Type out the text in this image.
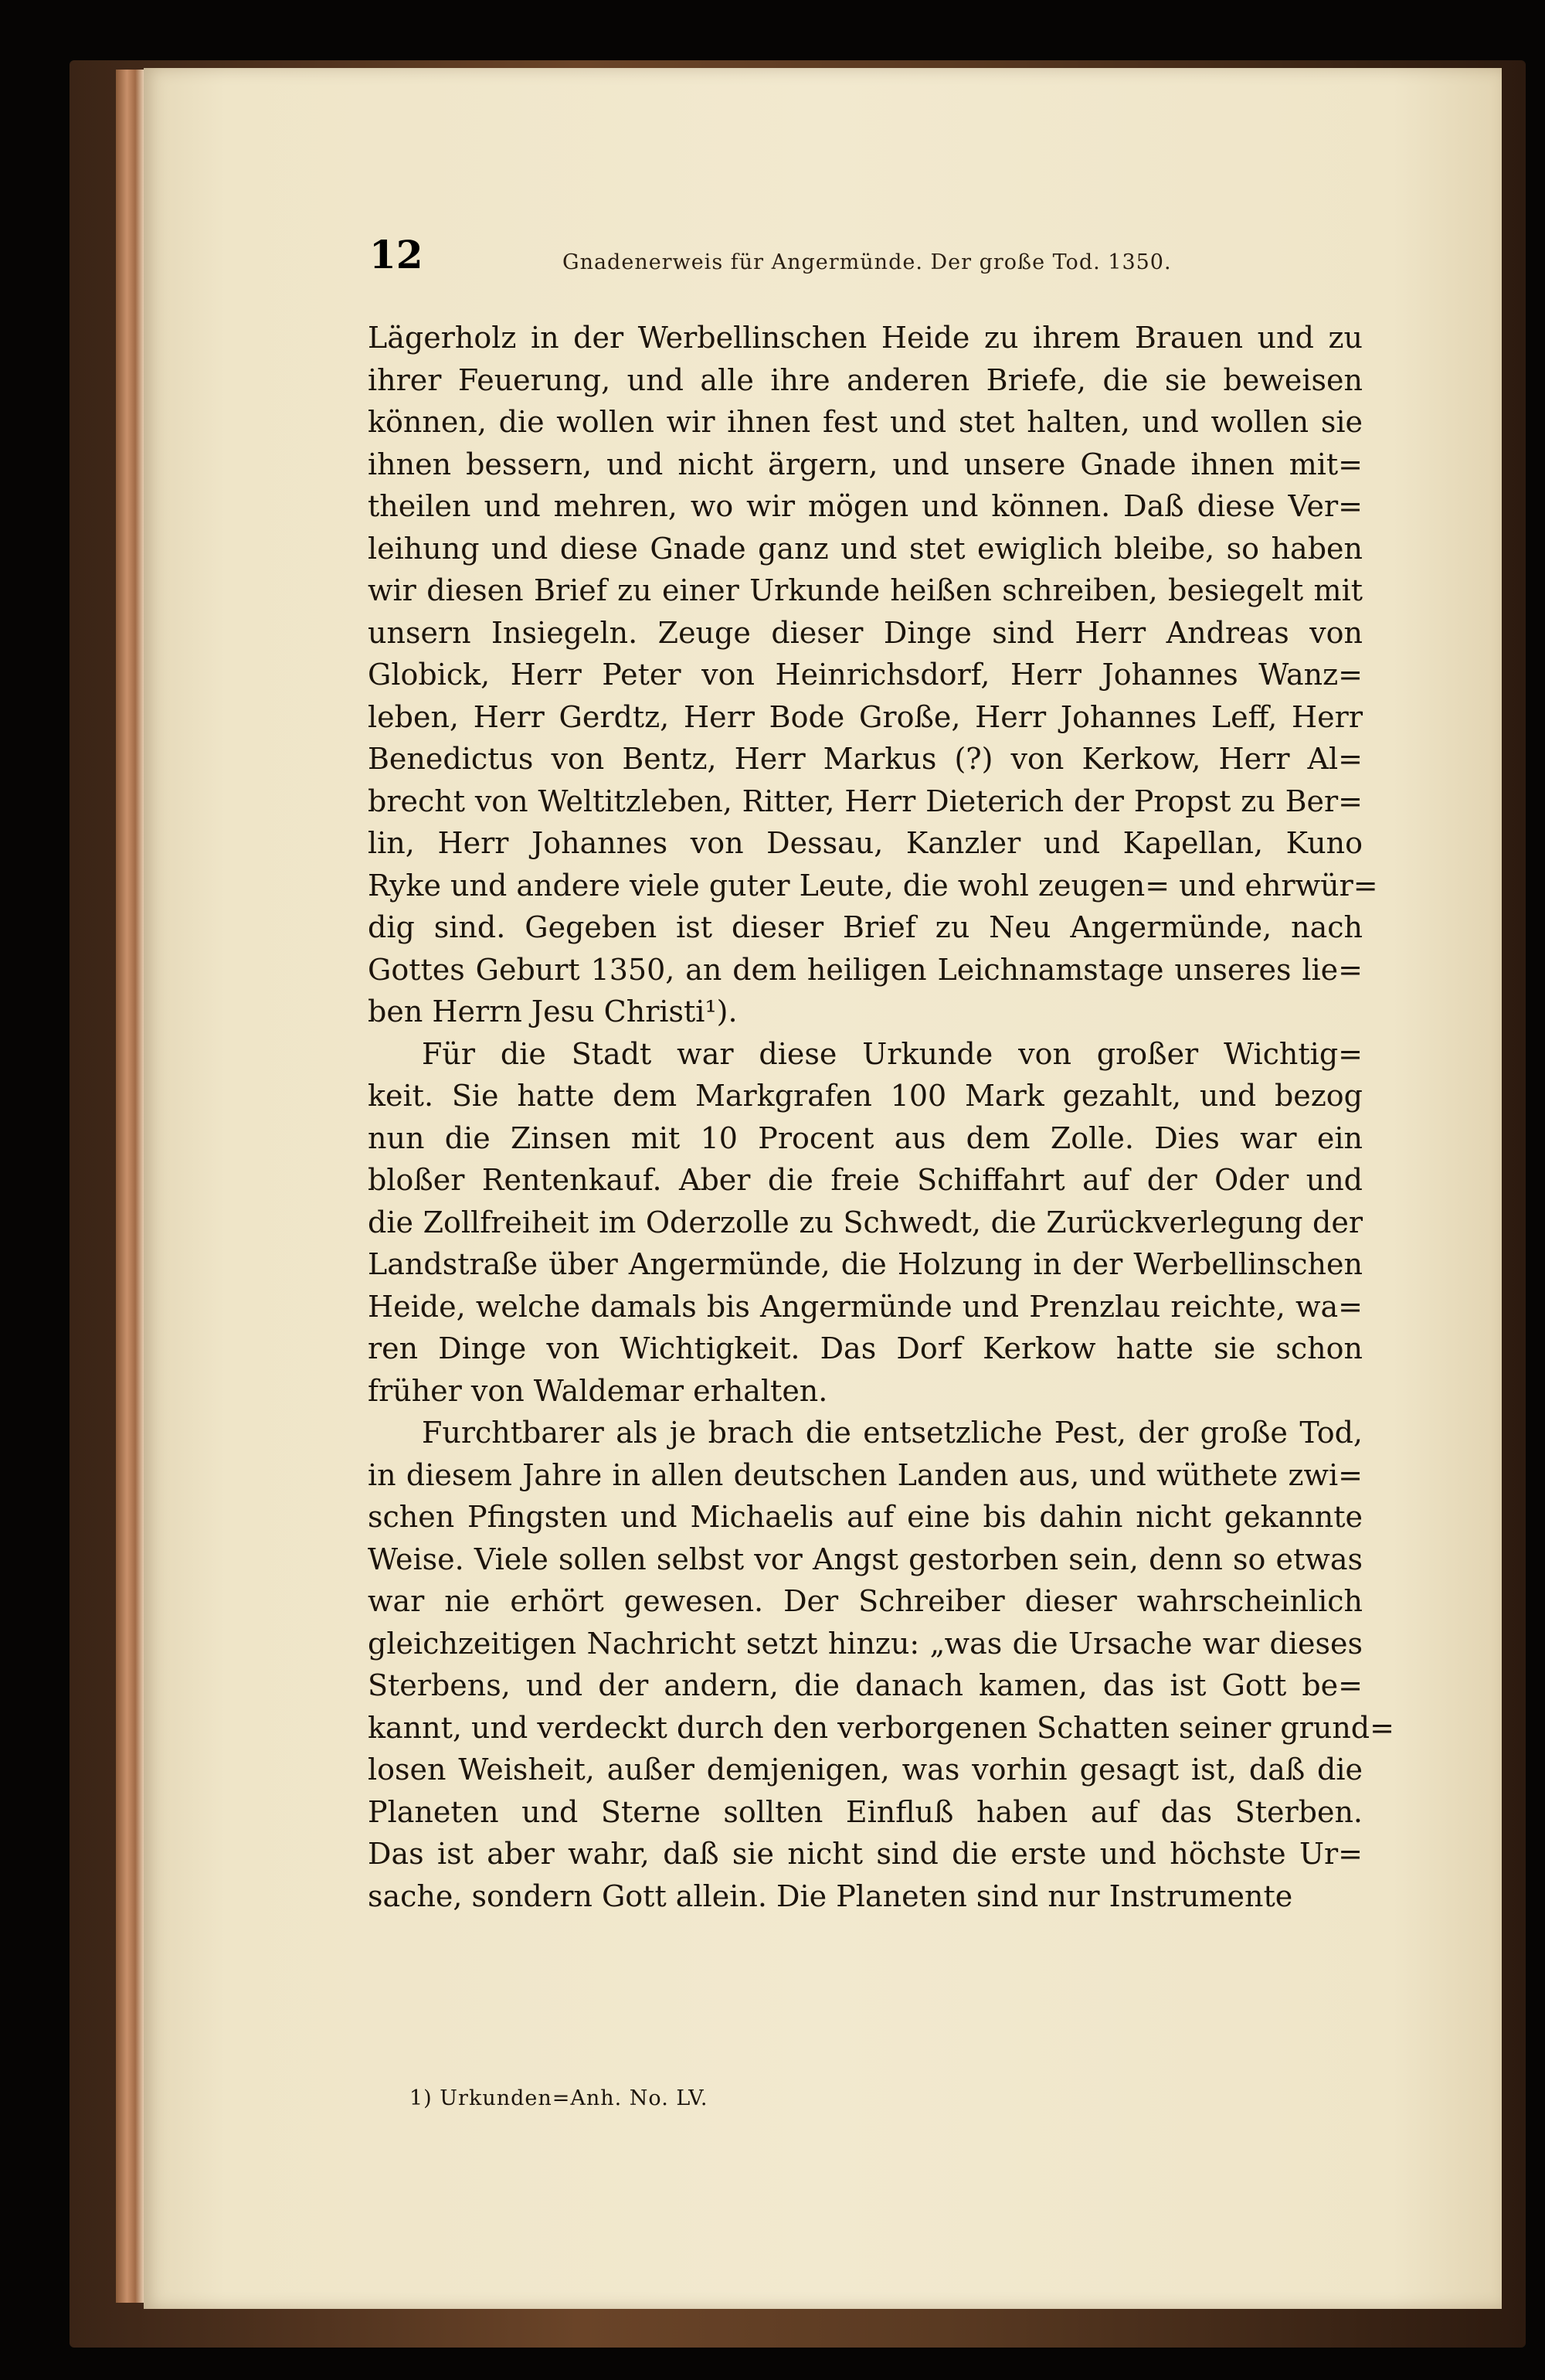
12	Gnadenerweis für Angermünde. Der große Tod. 1350.
Lägerholz in der Werbellinschen Heide zu ihrem Brauen und zu
ihrer Feuerung, und alle ihre anderen Briefe, die sie beweisen
können, die wollen wir ihnen fest und stet halten, und wollen sie
ihnen bessern, und nicht ärgern, und unsere Gnade ihnen mit=
theilen und mehren, wo wir mögen und können. Daß diese Ver=
leihung und diese Gnade ganz und stet ewiglich bleibe, so haben
wir diesen Brief zu einer Urkunde heißen schreiben, besiegelt mit
unsern Insiegeln. Zeuge dieser Dinge sind Herr Andreas von
Globick, Herr Peter von Heinrichsdorf, Herr Johannes Wanz=
leben, Herr Gerdtz, Herr Bode Große, Herr Johannes Leff, Herr
Benedictus von Bentz, Herr Markus (?) von Kerkow, Herr Al=
brecht von Weltitzleben, Ritter, Herr Dieterich der Propst zu Ber=
lin, Herr Johannes von Dessau, Kanzler und Kapellan, Kuno
Ryke und andere viele guter Leute, die wohl zeugen= und ehrwür=
dig sind. Gegeben ist dieser Brief zu Neu Angermünde, nach
Gottes Geburt 1350, an dem heiligen Leichnamstage unseres lie=
ben Herrn Jesu Christi¹).
Für die Stadt war diese Urkunde von großer Wichtig=
keit. Sie hatte dem Markgrafen 100 Mark gezahlt, und bezog
nun die Zinsen mit 10 Procent aus dem Zolle. Dies war ein
bloßer Rentenkauf. Aber die freie Schiffahrt auf der Oder und
die Zollfreiheit im Oderzolle zu Schwedt, die Zurückverlegung der
Landstraße über Angermünde, die Holzung in der Werbellinschen
Heide, welche damals bis Angermünde und Prenzlau reichte, wa=
ren Dinge von Wichtigkeit. Das Dorf Kerkow hatte sie schon
früher von Waldemar erhalten.
Furchtbarer als je brach die entsetzliche Pest, der große Tod,
in diesem Jahre in allen deutschen Landen aus, und wüthete zwi=
schen Pfingsten und Michaelis auf eine bis dahin nicht gekannte
Weise. Viele sollen selbst vor Angst gestorben sein, denn so etwas
war nie erhört gewesen. Der Schreiber dieser wahrscheinlich
gleichzeitigen Nachricht setzt hinzu: „was die Ursache war dieses
Sterbens, und der andern, die danach kamen, das ist Gott be=
kannt, und verdeckt durch den verborgenen Schatten seiner grund=
losen Weisheit, außer demjenigen, was vorhin gesagt ist, daß die
Planeten und Sterne sollten Einfluß haben auf das Sterben.
Das ist aber wahr, daß sie nicht sind die erste und höchste Ur=
sache, sondern Gott allein. Die Planeten sind nur Instrumente
1) Urkunden=Anh. No. LV.
